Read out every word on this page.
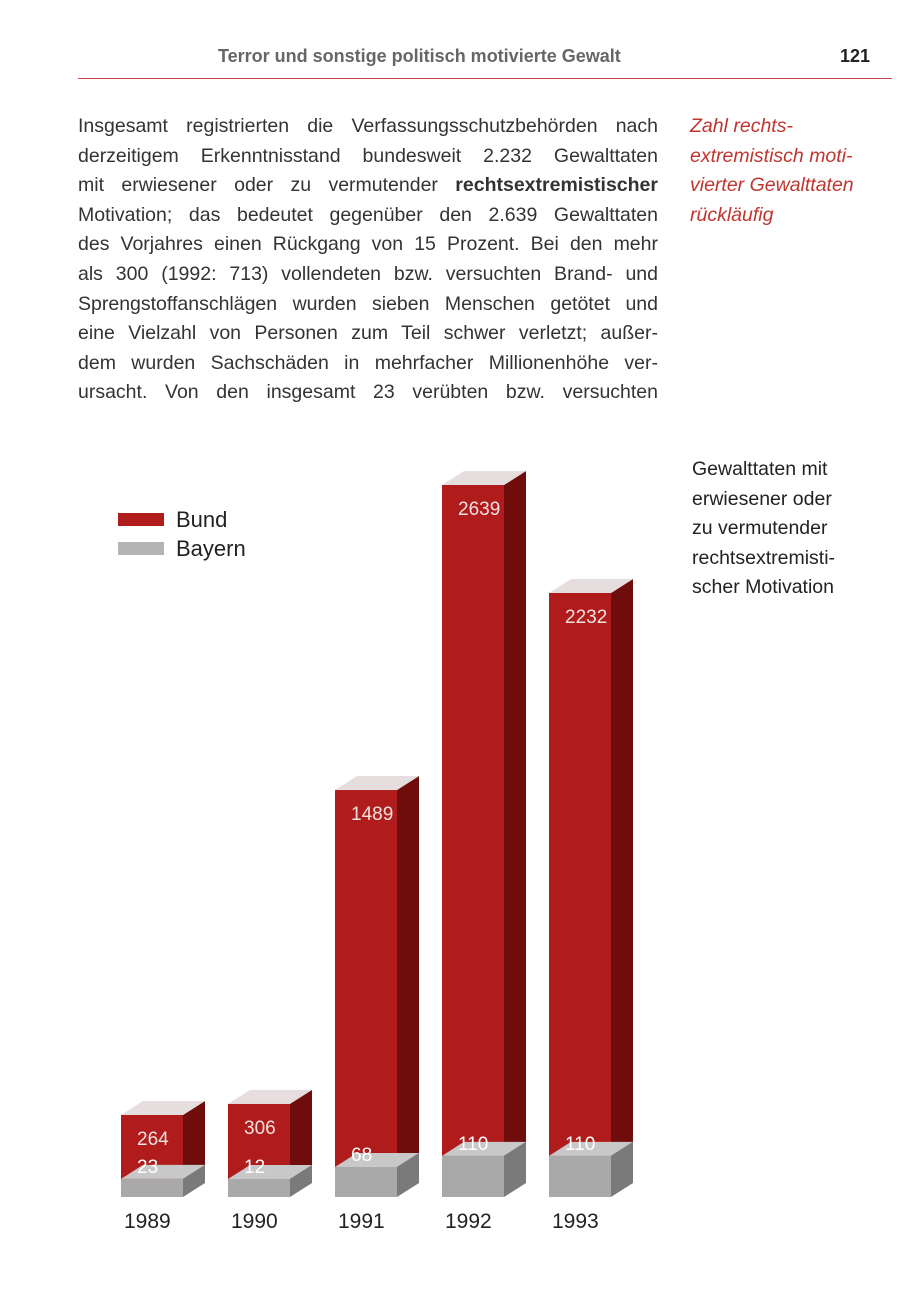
Terror und sonstige politisch motivierte Gewalt	121
Insgesamt registrierten die Verfassungsschutzbehörden nach
derzeitigem Erkenntnisstand bundesweit 2.232 Gewalttaten
mit erwiesener oder zu vermutender rechtsextremistischer
Motivation; das bedeutet gegenüber den 2.639 Gewalttaten
des Vorjahres einen Rückgang von 15 Prozent. Bei den mehr
als 300 (1992: 713) vollendeten bzw. versuchten Brand- und
Sprengstoffanschlägen wurden sieben Menschen getötet und
eine Vielzahl von Personen zum Teil schwer verletzt; außer-
dem wurden Sachschäden in mehrfacher Millionenhöhe ver-
ursacht. Von den insgesamt 23 verübten bzw. versuchten
Zahl rechts-
extremistisch moti-
vierter Gewalttaten
rückläufig
Gewalttaten mit
erwiesener oder
zu vermutender
rechtsextremisti-
scher Motivation
264
23
1989
306
12
1990
1489
68
1991
2639
110
1992
2232
110
1993
Bund
Bayern
